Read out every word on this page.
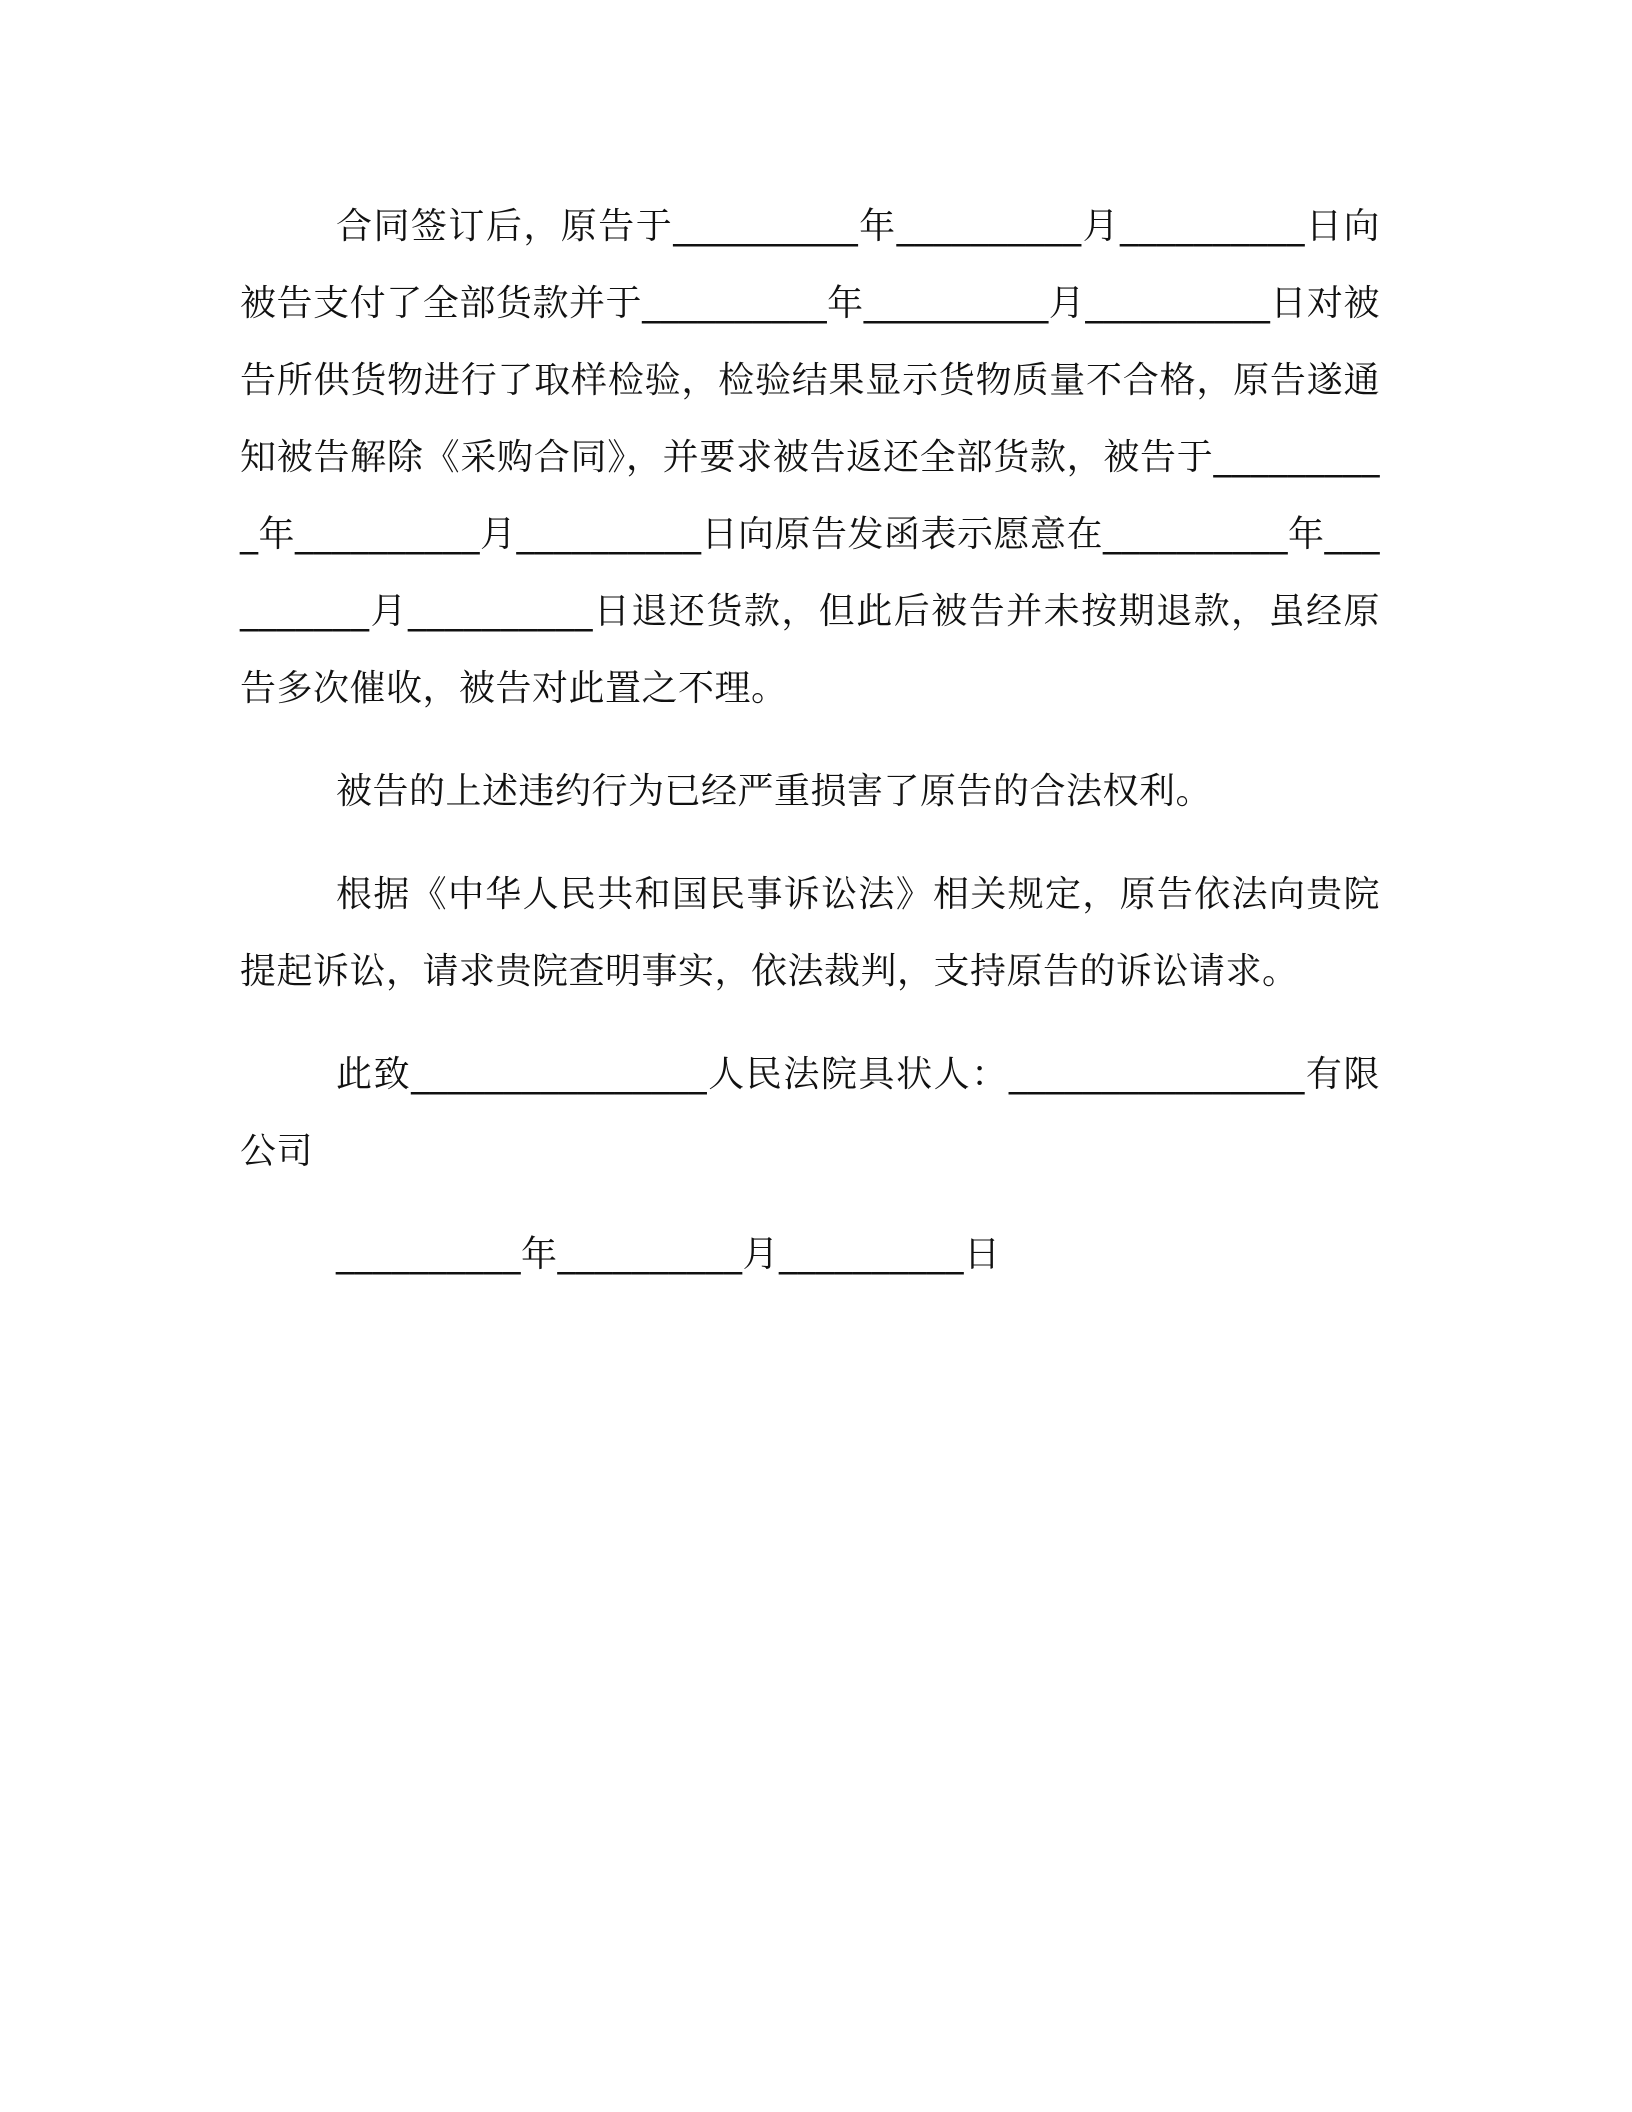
合同签订后，原告于__________年__________月__________日向被告支付了全部货款并于__________年__________月__________日对被告所供货物进行了取样检验，检验结果显示货物质量不合格，原告遂通知被告解除《采购合同》，并要求被告返还全部货款，被告于__________年__________月__________日向原告发函表示愿意在__________年__________月__________日退还货款，但此后被告并未按期退款，虽经原告多次催收，被告对此置之不理。

被告的上述违约行为已经严重损害了原告的合法权利。

根据《中华人民共和国民事诉讼法》相关规定，原告依法向贵院提起诉讼，请求贵院查明事实，依法裁判，支持原告的诉讼请求。

此致________________人民法院具状人：________________有限公司

__________年__________月__________日
